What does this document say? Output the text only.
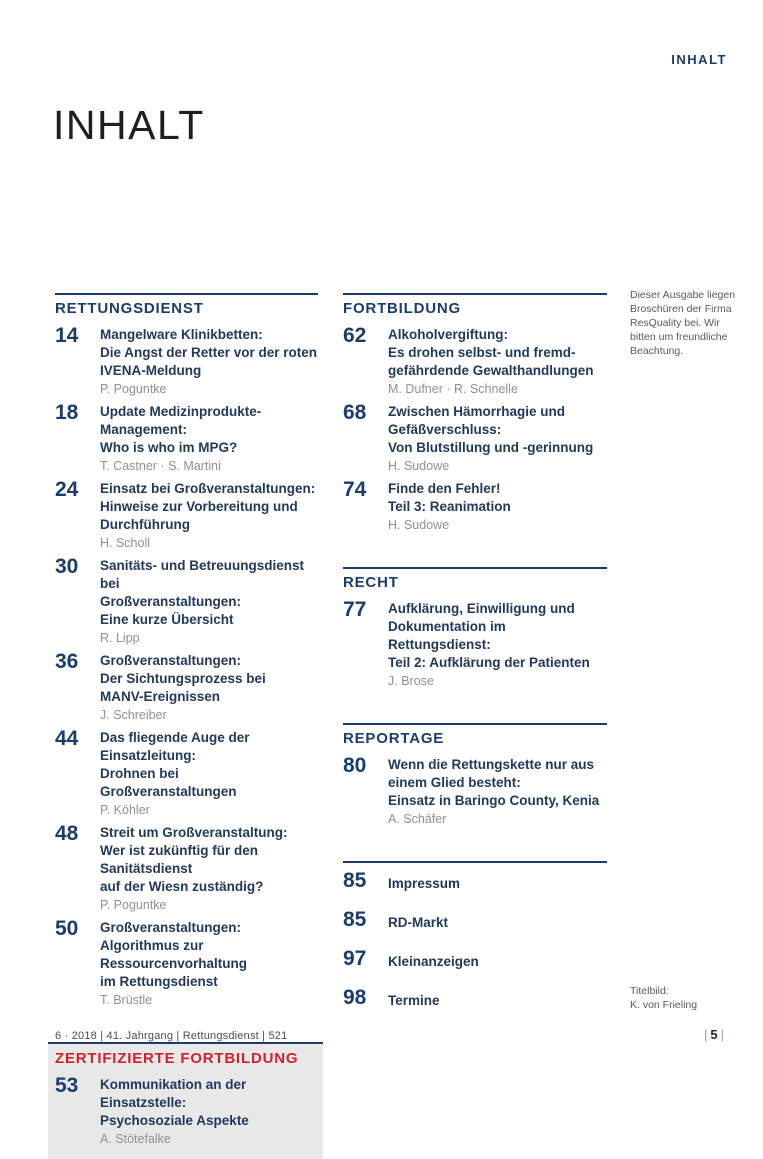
INHALT
INHALT
RETTUNGSDIENST
14	Mangelware Klinikbetten:
Die Angst der Retter vor der roten
IVENA-Meldung
P. Poguntke
18	Update Medizinprodukte-Management:
Who is who im MPG?
T. Castner · S. Martini
24	Einsatz bei Großveranstaltungen:
Hinweise zur Vorbereitung und
Durchführung
H. Scholl
30	Sanitäts- und Betreuungsdienst bei
Großveranstaltungen:
Eine kurze Übersicht
R. Lipp
36	Großveranstaltungen:
Der Sichtungsprozess bei
MANV-Ereignissen
J. Schreiber
44	Das fliegende Auge der Einsatzleitung:
Drohnen bei Großveranstaltungen
P. Köhler
48	Streit um Großveranstaltung:
Wer ist zukünftig für den Sanitätsdienst
auf der Wiesn zuständig?
P. Poguntke
50	Großveranstaltungen:
Algorithmus zur Ressourcenvorhaltung
im Rettungsdienst
T. Brüstle
ZERTIFIZIERTE FORTBILDUNG
53	Kommunikation an der Einsatzstelle:
Psychosoziale Aspekte
A. Stötefalke
FORTBILDUNG
62	Alkoholvergiftung:
Es drohen selbst- und fremd-
gefährdende Gewalthandlungen
M. Dufner · R. Schnelle
68	Zwischen Hämorrhagie und
Gefäßverschluss:
Von Blutstillung und -gerinnung
H. Sudowe
74	Finde den Fehler!
Teil 3: Reanimation
H. Sudowe
RECHT
77	Aufklärung, Einwilligung und
Dokumentation im Rettungsdienst:
Teil 2: Aufklärung der Patienten
J. Brose
REPORTAGE
80	Wenn die Rettungskette nur aus
einem Glied besteht:
Einsatz in Baringo County, Kenia
A. Schäfer
85	Impressum
85	RD-Markt
97	Kleinanzeigen
98	Termine
Dieser Ausgabe liegen Broschüren der Firma ResQuality bei. Wir bitten um freundliche Beachtung.
Titelbild:
K. von Frieling
6 · 2018 | 41. Jahrgang | Rettungsdienst | 521	| 5 |
